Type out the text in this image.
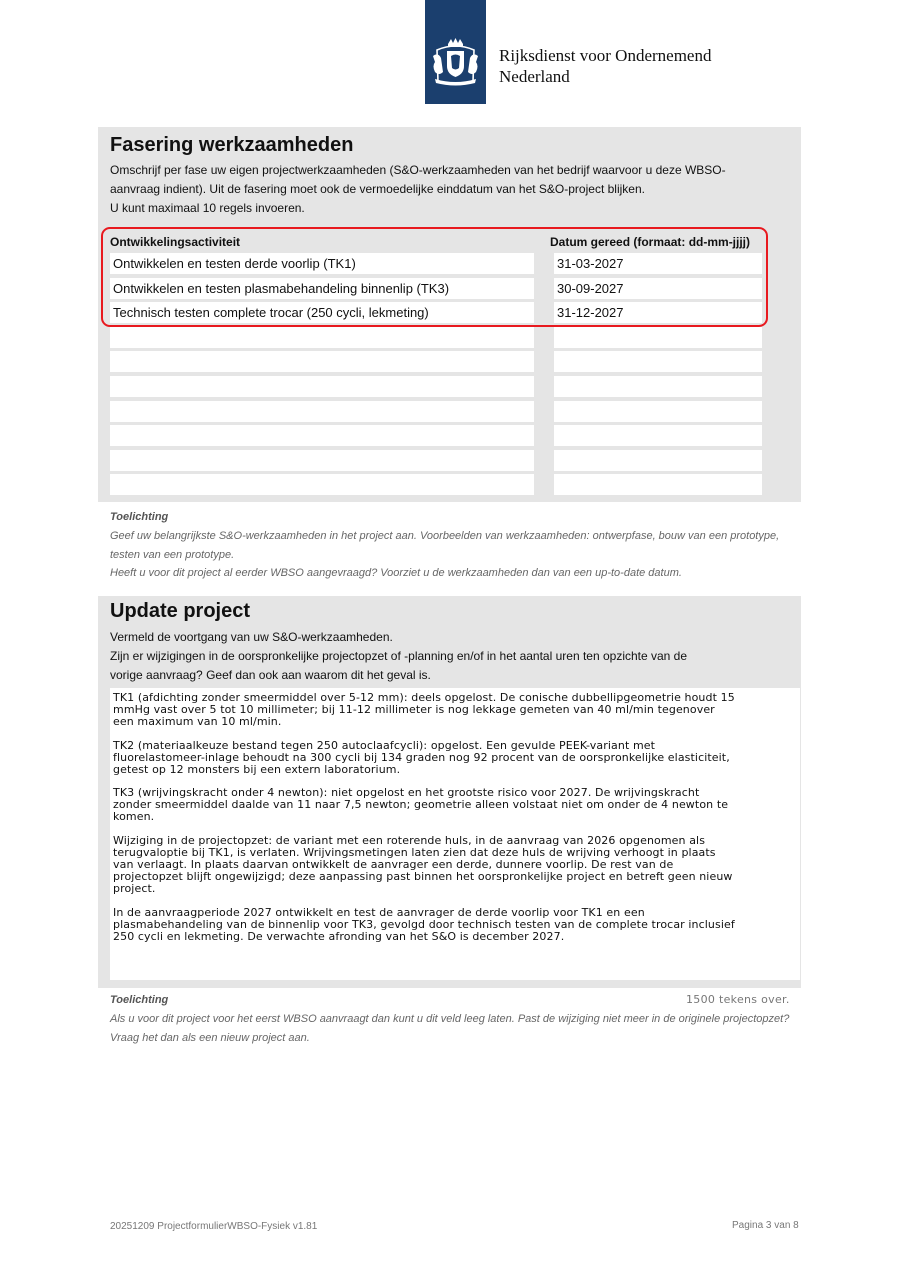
Rijksdienst voor Ondernemend
Nederland
Fasering werkzaamheden
Omschrijf per fase uw eigen projectwerkzaamheden (S&O-werkzaamheden van het bedrijf waarvoor u deze WBSO-
aanvraag indient). Uit de fasering moet ook de vermoedelijke einddatum van het S&O-project blijken.
U kunt maximaal 10 regels invoeren.
Ontwikkelingsactiviteit	Datum gereed (formaat: dd-mm-jjjj)
Ontwikkelen en testen derde voorlip (TK1)	31-03-2027
Ontwikkelen en testen plasmabehandeling binnenlip (TK3)	30-09-2027
Technisch testen complete trocar (250 cycli, lekmeting)	31-12-2027
Toelichting
Geef uw belangrijkste S&O-werkzaamheden in het project aan. Voorbeelden van werkzaamheden: ontwerpfase, bouw van een prototype,
testen van een prototype.
Heeft u voor dit project al eerder WBSO aangevraagd? Voorziet u de werkzaamheden dan van een up-to-date datum.
Update project
Vermeld de voortgang van uw S&O-werkzaamheden.
Zijn er wijzigingen in de oorspronkelijke projectopzet of -planning en/of in het aantal uren ten opzichte van de
vorige aanvraag? Geef dan ook aan waarom dit het geval is.

TK1 (afdichting zonder smeermiddel over 5-12 mm): deels opgelost. De conische dubbellipgeometrie houdt 15
mmHg vast over 5 tot 10 millimeter; bij 11-12 millimeter is nog lekkage gemeten van 40 ml/min tegenover
een maximum van 10 ml/min.

TK2 (materiaalkeuze bestand tegen 250 autoclaafcycli): opgelost. Een gevulde PEEK-variant met
fluorelastomeer-inlage behoudt na 300 cycli bij 134 graden nog 92 procent van de oorspronkelijke elasticiteit,
getest op 12 monsters bij een extern laboratorium.

TK3 (wrijvingskracht onder 4 newton): niet opgelost en het grootste risico voor 2027. De wrijvingskracht
zonder smeermiddel daalde van 11 naar 7,5 newton; geometrie alleen volstaat niet om onder de 4 newton te
komen.

Wijziging in de projectopzet: de variant met een roterende huls, in de aanvraag van 2026 opgenomen als
terugvaloptie bij TK1, is verlaten. Wrijvingsmetingen laten zien dat deze huls de wrijving verhoogt in plaats
van verlaagt. In plaats daarvan ontwikkelt de aanvrager een derde, dunnere voorlip. De rest van de
projectopzet blijft ongewijzigd; deze aanpassing past binnen het oorspronkelijke project en betreft geen nieuw
project.

In de aanvraagperiode 2027 ontwikkelt en test de aanvrager de derde voorlip voor TK1 en een
plasmabehandeling van de binnenlip voor TK3, gevolgd door technisch testen van de complete trocar inclusief
250 cycli en lekmeting. De verwachte afronding van het S&O is december 2027.

Toelichting	1500 tekens over.
Als u voor dit project voor het eerst WBSO aanvraagt dan kunt u dit veld leeg laten. Past de wijziging niet meer in de originele projectopzet?
Vraag het dan als een nieuw project aan.
20251209 ProjectformulierWBSO-Fysiek v1.81	Pagina 3 van 8
